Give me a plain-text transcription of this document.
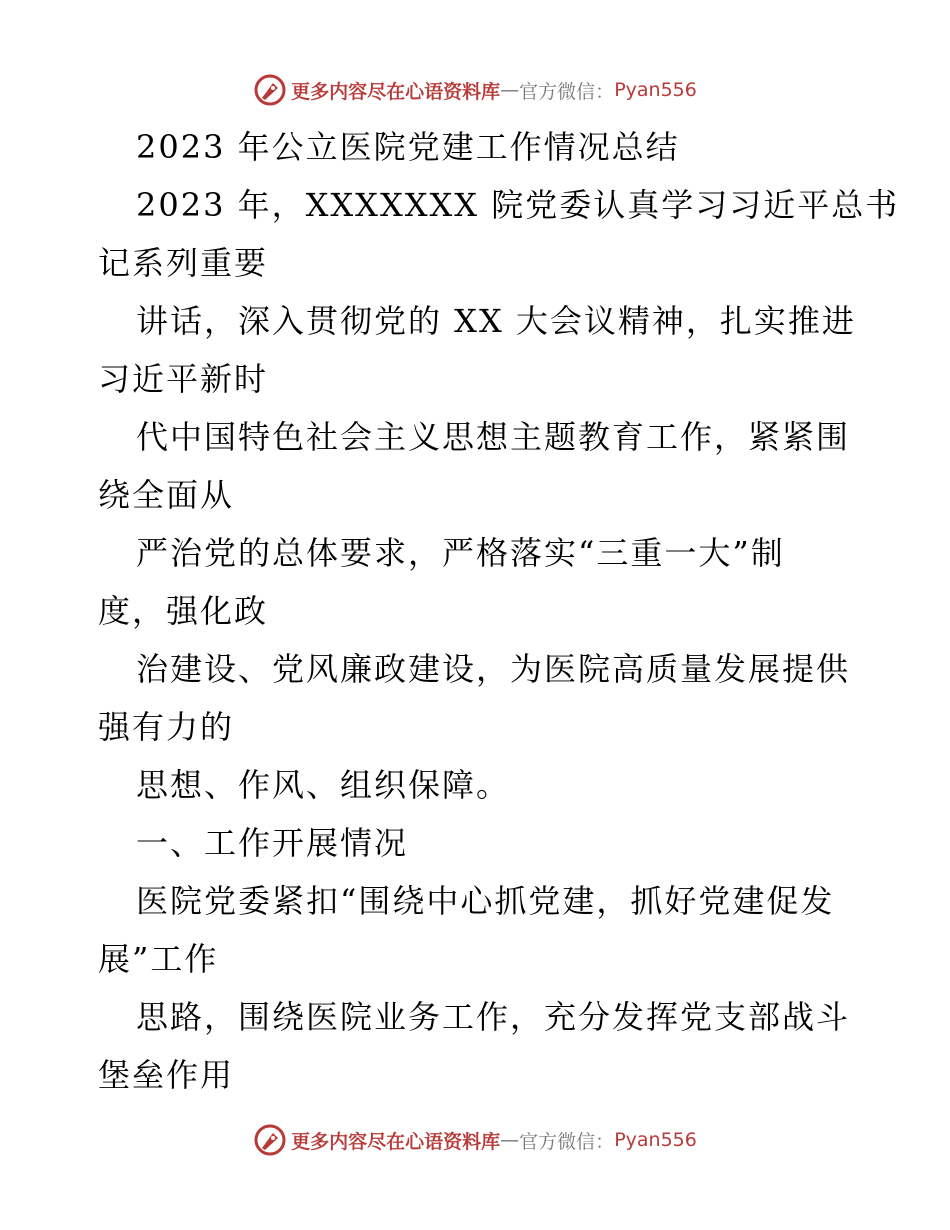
更多内容尽在心语资料库 — 官方微信： Pyan556
2023 年公立医院党建工作情况总结
2023 年，XXXXXXX 院党委认真学习习近平总书
记系列重要
讲话，深入贯彻党的 XX 大会议精神，扎实推进
习近平新时
代中国特色社会主义思想主题教育工作，紧紧围
绕全面从
严治党的总体要求，严格落实“三重一大”制
度，强化政
治建设、党风廉政建设，为医院高质量发展提供
强有力的
思想、作风、组织保障。
一、工作开展情况
医院党委紧扣“围绕中心抓党建，抓好党建促发
展”工作
思路，围绕医院业务工作，充分发挥党支部战斗
堡垒作用
更多内容尽在心语资料库 — 官方微信： Pyan556
